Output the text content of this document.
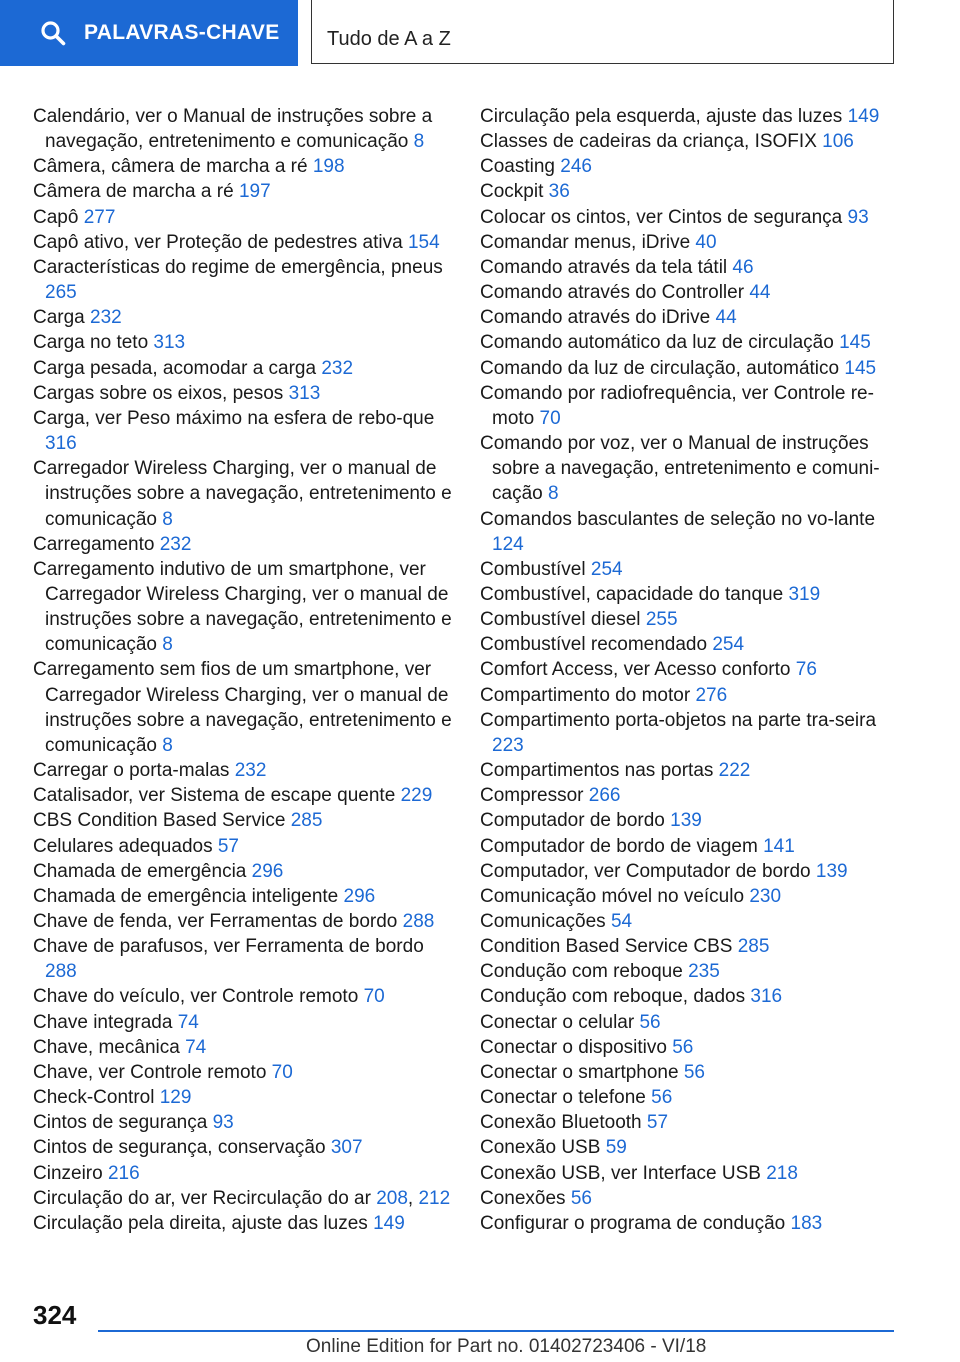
PALAVRAS-CHAVE Tudo de A a Z
Calendário, ver o Manual de instruções sobre a navegação, entretenimento e comunicação 8
Câmera, câmera de marcha a ré 198
Câmera de marcha a ré 197
Capô 277
Capô ativo, ver Proteção de pedestres ativa 154
Características do regime de emergência, pneus 265
Carga 232
Carga no teto 313
Carga pesada, acomodar a carga 232
Cargas sobre os eixos, pesos 313
Carga, ver Peso máximo na esfera de rebo-que 316
Carregador Wireless Charging, ver o manual de instruções sobre a navegação, entretenimento e comunicação 8
Carregamento 232
Carregamento indutivo de um smartphone, ver Carregador Wireless Charging, ver o manual de instruções sobre a navegação, entretenimento e comunicação 8
Carregamento sem fios de um smartphone, ver Carregador Wireless Charging, ver o manual de instruções sobre a navegação, entretenimento e comunicação 8
Carregar o porta-malas 232
Catalisador, ver Sistema de escape quente 229
CBS Condition Based Service 285
Celulares adequados 57
Chamada de emergência 296
Chamada de emergência inteligente 296
Chave de fenda, ver Ferramentas de bordo 288
Chave de parafusos, ver Ferramenta de bordo 288
Chave do veículo, ver Controle remoto 70
Chave integrada 74
Chave, mecânica 74
Chave, ver Controle remoto 70
Check-Control 129
Cintos de segurança 93
Cintos de segurança, conservação 307
Cinzeiro 216
Circulação do ar, ver Recirculação do ar 208, 212
Circulação pela direita, ajuste das luzes 149
Circulação pela esquerda, ajuste das luzes 149
Classes de cadeiras da criança, ISOFIX 106
Coasting 246
Cockpit 36
Colocar os cintos, ver Cintos de segurança 93
Comandar menus, iDrive 40
Comando através da tela tátil 46
Comando através do Controller 44
Comando através do iDrive 44
Comando automático da luz de circulação 145
Comando da luz de circulação, automático 145
Comando por radiofrequência, ver Controle re-moto 70
Comando por voz, ver o Manual de instruções sobre a navegação, entretenimento e comuni-cação 8
Comandos basculantes de seleção no vo-lante 124
Combustível 254
Combustível, capacidade do tanque 319
Combustível diesel 255
Combustível recomendado 254
Comfort Access, ver Acesso conforto 76
Compartimento do motor 276
Compartimento porta-objetos na parte tra-seira 223
Compartimentos nas portas 222
Compressor 266
Computador de bordo 139
Computador de bordo de viagem 141
Computador, ver Computador de bordo 139
Comunicação móvel no veículo 230
Comunicações 54
Condition Based Service CBS 285
Condução com reboque 235
Condução com reboque, dados 316
Conectar o celular 56
Conectar o dispositivo 56
Conectar o smartphone 56
Conectar o telefone 56
Conexão Bluetooth 57
Conexão USB 59
Conexão USB, ver Interface USB 218
Conexões 56
Configurar o programa de condução 183
324
Online Edition for Part no. 01402723406 - VI/18
